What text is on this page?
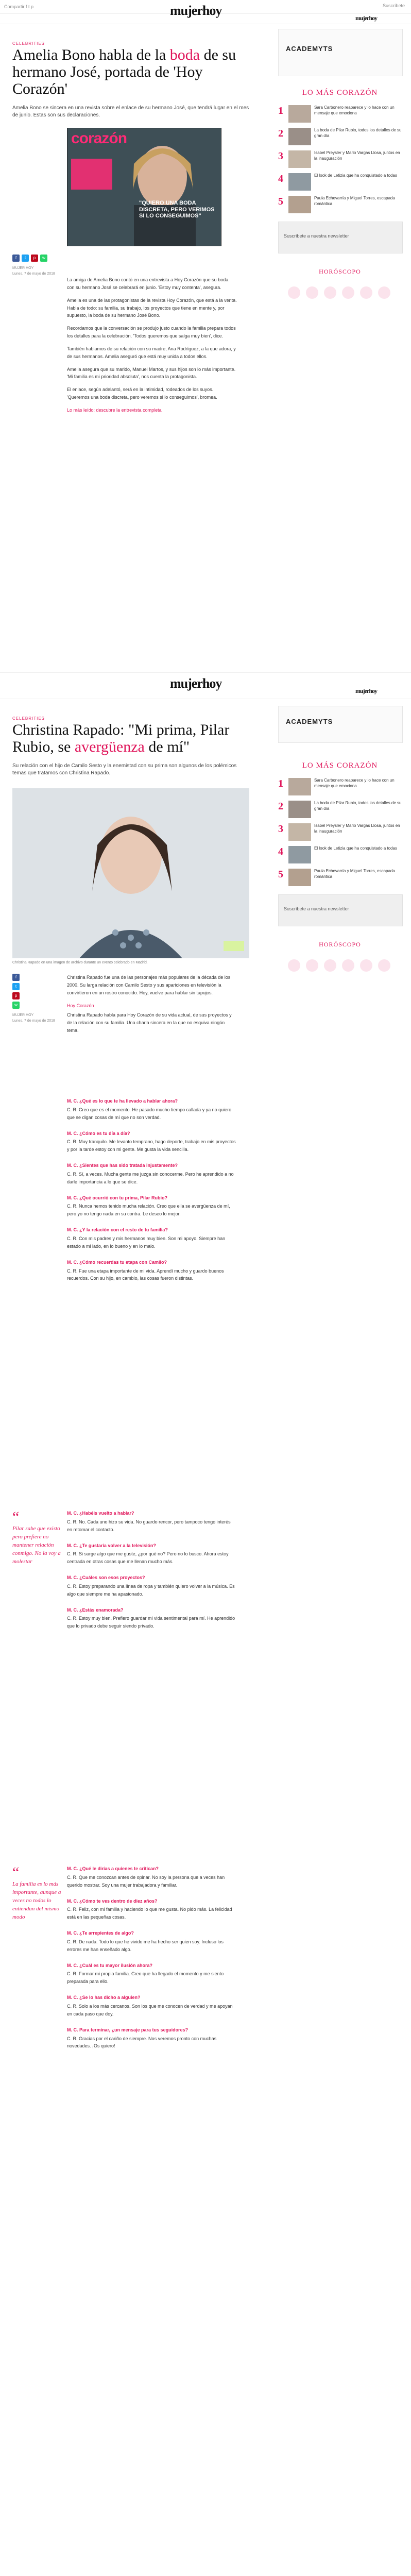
Compartir f t p	Suscríbete
mujerhoy	mujerhoy
CELEBRITIES
Amelia Bono habla de la boda de su hermano José, portada de 'Hoy Corazón'
Amelia Bono se sincera en una revista sobre el enlace de su hermano José, que tendrá lugar en el mes de junio. Estas son sus declaraciones.
corazón
"QUIERO UNA BODA DISCRETA, PERO VERIMOS SI LO CONSEGUIMOS"
f	t	p	w
MUJER HOY
Lunes, 7 de mayo de 2018

La amiga de Amelia Bono contó en una entrevista a Hoy Corazón que su boda con su hermano José se celebrará en junio. 'Estoy muy contenta', asegura.

Amelia es una de las protagonistas de la revista Hoy Corazón, que está a la venta. Habla de todo: su familia, su trabajo, los proyectos que tiene en mente y, por supuesto, la boda de su hermano José Bono.

Recordamos que la conversación se produjo justo cuando la familia prepara todos los detalles para la celebración. 'Todos queremos que salga muy bien', dice.

También hablamos de su relación con su madre, Ana Rodríguez, a la que adora, y de sus hermanos. Amelia aseguró que está muy unida a todos ellos.

Amelia asegura que su marido, Manuel Martos, y sus hijos son lo más importante. 'Mi familia es mi prioridad absoluta', nos cuenta la protagonista.

El enlace, según adelantó, será en la intimidad, rodeados de los suyos. 'Queremos una boda discreta, pero veremos si lo conseguimos', bromea.

Lo más leído: descubre la entrevista completa

ACADEMYTS
LO MÁS CORAZÓN
1	Sara Carbonero reaparece y lo hace con un mensaje que emociona
2	La boda de Pilar Rubio, todos los detalles de su gran día
3	Isabel Preysler y Mario Vargas Llosa, juntos en la inauguración
4	El look de Letizia que ha conquistado a todas
5	Paula Echevarría y Miguel Torres, escapada romántica
Suscríbete a nuestra newsletter
HORÓSCOPO
mujerhoy	mujerhoy
CELEBRITIES
Christina Rapado: "Mi prima, Pilar Rubio, se avergüenza de mí"
Su relación con el hijo de Camilo Sesto y la enemistad con su prima son algunos de los polémicos temas que tratamos con Christina Rapado.
Christina Rapado en una imagen de archivo durante un evento celebrado en Madrid.
f
t
p
w
MUJER HOY
Lunes, 7 de mayo de 2018

Christina Rapado fue una de las personajes más populares de la década de los 2000. Su larga relación con Camilo Sesto y sus apariciones en televisión la convirtieron en un rostro conocido. Hoy, vuelve para hablar sin tapujos.

Hoy Corazón

Christina Rapado habla para Hoy Corazón de su vida actual, de sus proyectos y de la relación con su familia. Una charla sincera en la que no esquiva ningún tema.

M. C. ¿Qué es lo que te ha llevado a hablar ahora?

C. R. Creo que es el momento. He pasado mucho tiempo callada y ya no quiero que se digan cosas de mí que no son verdad.

M. C. ¿Cómo es tu día a día?

C. R. Muy tranquilo. Me levanto temprano, hago deporte, trabajo en mis proyectos y por la tarde estoy con mi gente. Me gusta la vida sencilla.

M. C. ¿Sientes que has sido tratada injustamente?

C. R. Sí, a veces. Mucha gente me juzga sin conocerme. Pero he aprendido a no darle importancia a lo que se dice.

M. C. ¿Qué ocurrió con tu prima, Pilar Rubio?

C. R. Nunca hemos tenido mucha relación. Creo que ella se avergüenza de mí, pero yo no tengo nada en su contra. Le deseo lo mejor.

M. C. ¿Y la relación con el resto de tu familia?

C. R. Con mis padres y mis hermanos muy bien. Son mi apoyo. Siempre han estado a mi lado, en lo bueno y en lo malo.

M. C. ¿Cómo recuerdas tu etapa con Camilo?

C. R. Fue una etapa importante de mi vida. Aprendí mucho y guardo buenos recuerdos. Con su hijo, en cambio, las cosas fueron distintas.

“
Pilar sabe que existo pero prefiere no mantener relación conmigo. No la voy a molestar
M. C. ¿Habéis vuelto a hablar?

C. R. No. Cada uno hizo su vida. No guardo rencor, pero tampoco tengo interés en retomar el contacto.

M. C. ¿Te gustaría volver a la televisión?

C. R. Si surge algo que me guste, ¿por qué no? Pero no lo busco. Ahora estoy centrada en otras cosas que me llenan mucho más.

M. C. ¿Cuáles son esos proyectos?

C. R. Estoy preparando una línea de ropa y también quiero volver a la música. Es algo que siempre me ha apasionado.

M. C. ¿Estás enamorada?

C. R. Estoy muy bien. Prefiero guardar mi vida sentimental para mí. He aprendido que lo privado debe seguir siendo privado.

“
La familia es lo más importante, aunque a veces no todos lo entiendan del mismo modo
M. C. ¿Qué le dirías a quienes te critican?

C. R. Que me conozcan antes de opinar. No soy la persona que a veces han querido mostrar. Soy una mujer trabajadora y familiar.

M. C. ¿Cómo te ves dentro de diez años?

C. R. Feliz, con mi familia y haciendo lo que me gusta. No pido más. La felicidad está en las pequeñas cosas.

M. C. ¿Te arrepientes de algo?

C. R. De nada. Todo lo que he vivido me ha hecho ser quien soy. Incluso los errores me han enseñado algo.

M. C. ¿Cuál es tu mayor ilusión ahora?

C. R. Formar mi propia familia. Creo que ha llegado el momento y me siento preparada para ello.

M. C. ¿Se lo has dicho a alguien?

C. R. Solo a los más cercanos. Son los que me conocen de verdad y me apoyan en cada paso que doy.

M. C. Para terminar, ¿un mensaje para tus seguidores?

C. R. Gracias por el cariño de siempre. Nos veremos pronto con muchas novedades. ¡Os quiero!

ACADEMYTS
LO MÁS CORAZÓN
1	Sara Carbonero reaparece y lo hace con un mensaje que emociona
2	La boda de Pilar Rubio, todos los detalles de su gran día
3	Isabel Preysler y Mario Vargas Llosa, juntos en la inauguración
4	El look de Letizia que ha conquistado a todas
5	Paula Echevarría y Miguel Torres, escapada romántica
Suscríbete a nuestra newsletter
HORÓSCOPO
